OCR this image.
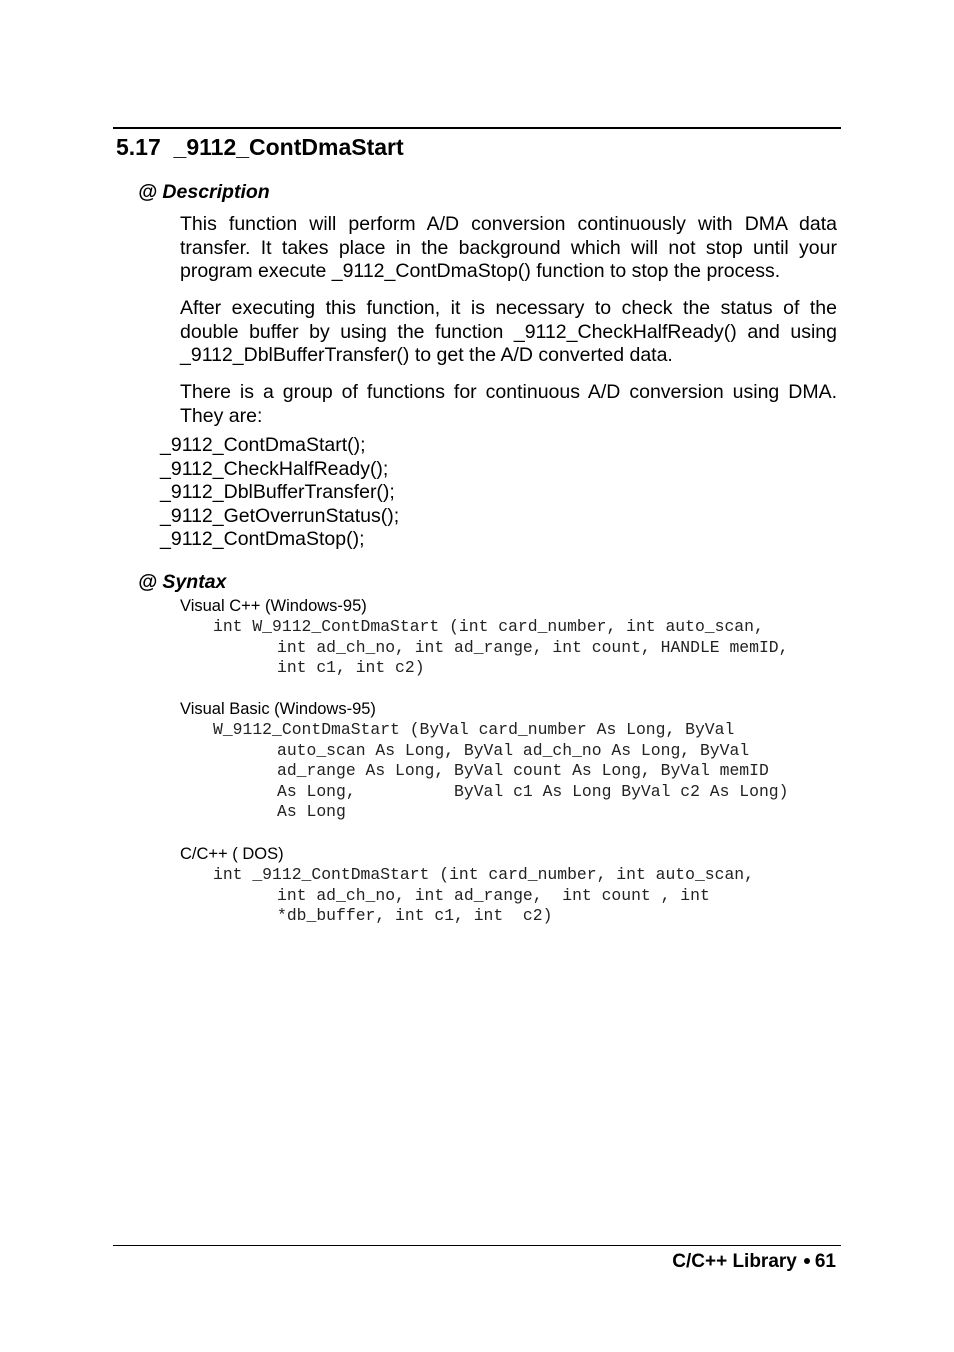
5.17 _9112_ContDmaStart
@ Description
This function will perform A/D conversion continuously with DMA data transfer. It takes place in the background which will not stop until your program execute _9112_ContDmaStop() function to stop the process.
After executing this function, it is necessary to check the status of the double buffer by using the function _9112_CheckHalfReady() and using _9112_DblBufferTransfer() to get the A/D converted data.
There is a group of functions for continuous A/D conversion using DMA. They are:
_9112_ContDmaStart();
_9112_CheckHalfReady();
_9112_DblBufferTransfer();
_9112_GetOverrunStatus();
_9112_ContDmaStop();
@ Syntax
Visual C++ (Windows-95)
int W_9112_ContDmaStart (int card_number, int auto_scan,
int ad_ch_no, int ad_range, int count, HANDLE memID,
int c1, int c2)
Visual Basic (Windows-95)
W_9112_ContDmaStart (ByVal card_number As Long, ByVal
auto_scan As Long, ByVal ad_ch_no As Long, ByVal
ad_range As Long, ByVal count As Long, ByVal memID
As Long,          ByVal c1 As Long ByVal c2 As Long)
As Long
C/C++ ( DOS)
int _9112_ContDmaStart (int card_number, int auto_scan,
int ad_ch_no, int ad_range,  int count , int
*db_buffer, int c1, int  c2)
C/C++ Library 61
